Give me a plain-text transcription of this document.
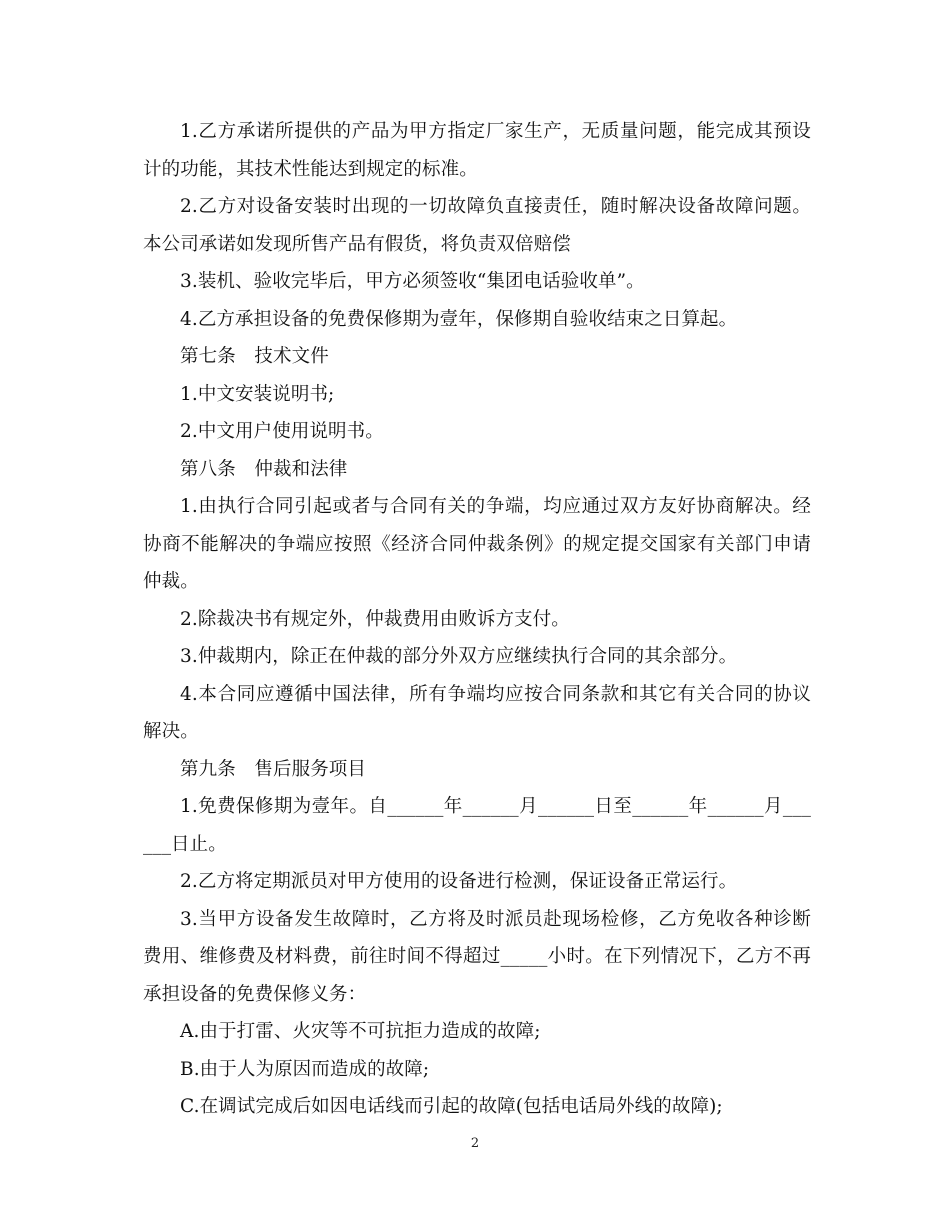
1.乙方承诺所提供的产品为甲方指定厂家生产，无质量问题，能完成其预设计的功能，其技术性能达到规定的标准。

2.乙方对设备安装时出现的一切故障负直接责任，随时解决设备故障问题。本公司承诺如发现所售产品有假货，将负责双倍赔偿

3.装机、验收完毕后，甲方必须签收“集团电话验收单”。

4.乙方承担设备的免费保修期为壹年，保修期自验收结束之日算起。

第七条　技术文件

1.中文安装说明书;

2.中文用户使用说明书。

第八条　仲裁和法律

1.由执行合同引起或者与合同有关的争端，均应通过双方友好协商解决。经协商不能解决的争端应按照《经济合同仲裁条例》的规定提交国家有关部门申请仲裁。

2.除裁决书有规定外，仲裁费用由败诉方支付。

3.仲裁期内，除正在仲裁的部分外双方应继续执行合同的其余部分。

4.本合同应遵循中国法律，所有争端均应按合同条款和其它有关合同的协议解决。

第九条　售后服务项目

1.免费保修期为壹年。自______年______月______日至______年______月______日止。

2.乙方将定期派员对甲方使用的设备进行检测，保证设备正常运行。

3.当甲方设备发生故障时，乙方将及时派员赴现场检修，乙方免收各种诊断费用、维修费及材料费，前往时间不得超过_____小时。在下列情况下，乙方不再承担设备的免费保修义务：

A.由于打雷、火灾等不可抗拒力造成的故障;

B.由于人为原因而造成的故障;

C.在调试完成后如因电话线而引起的故障(包括电话局外线的故障);

2
